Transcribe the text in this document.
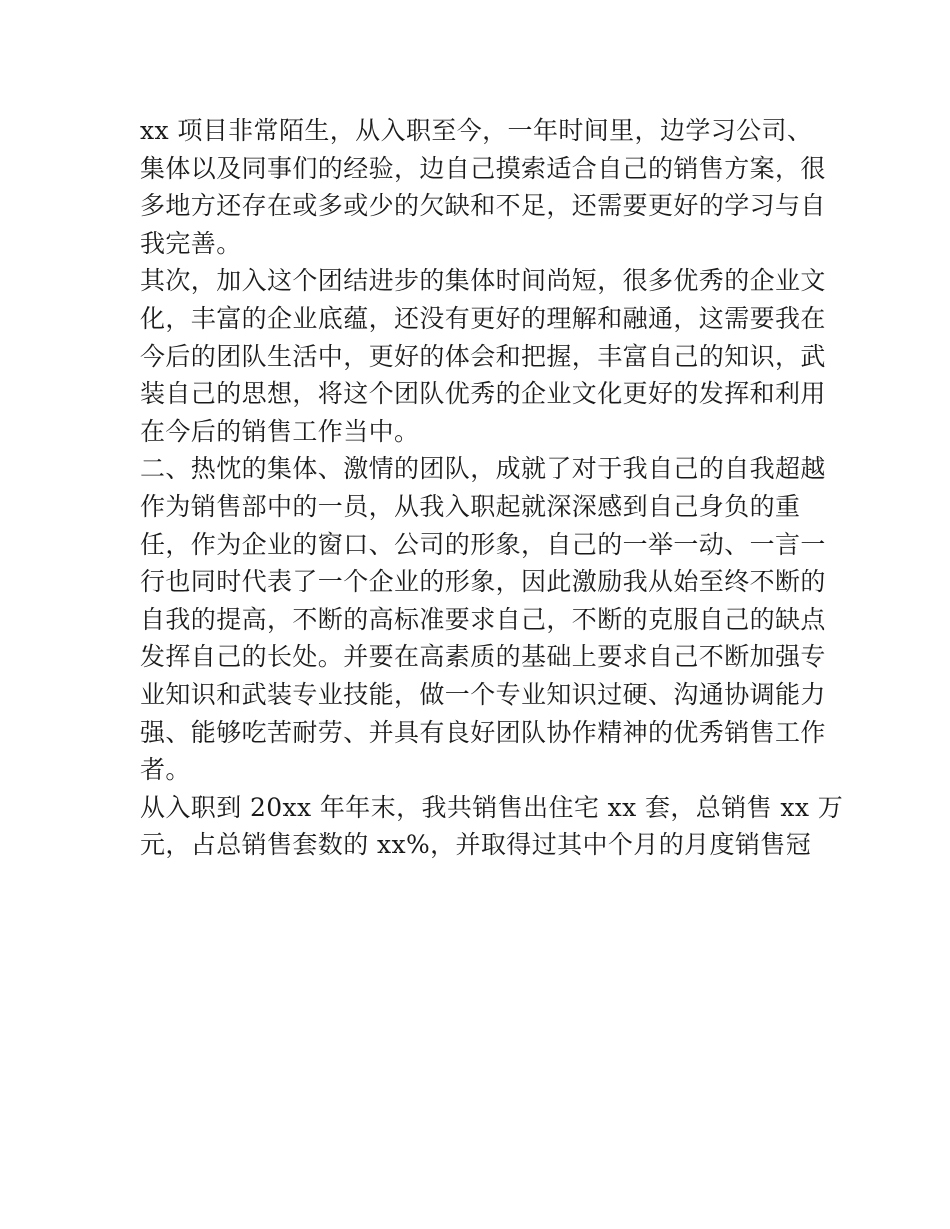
xx 项目非常陌生，从入职至今，一年时间里，边学习公司、

集体以及同事们的经验，边自己摸索适合自己的销售方案，很

多地方还存在或多或少的欠缺和不足，还需要更好的学习与自

我完善。

其次，加入这个团结进步的集体时间尚短，很多优秀的企业文

化，丰富的企业底蕴，还没有更好的理解和融通，这需要我在

今后的团队生活中，更好的体会和把握，丰富自己的知识，武

装自己的思想，将这个团队优秀的企业文化更好的发挥和利用

在今后的销售工作当中。

二、热忱的集体、激情的团队，成就了对于我自己的自我超越

作为销售部中的一员，从我入职起就深深感到自己身负的重

任，作为企业的窗口、公司的形象，自己的一举一动、一言一

行也同时代表了一个企业的形象，因此激励我从始至终不断的

自我的提高，不断的高标准要求自己，不断的克服自己的缺点

发挥自己的长处。并要在高素质的基础上要求自己不断加强专

业知识和武装专业技能，做一个专业知识过硬、沟通协调能力

强、能够吃苦耐劳、并具有良好团队协作精神的优秀销售工作

者。

从入职到 20xx 年年末，我共销售出住宅 xx 套，总销售 xx 万

元，占总销售套数的 xx%，并取得过其中个月的月度销售冠
